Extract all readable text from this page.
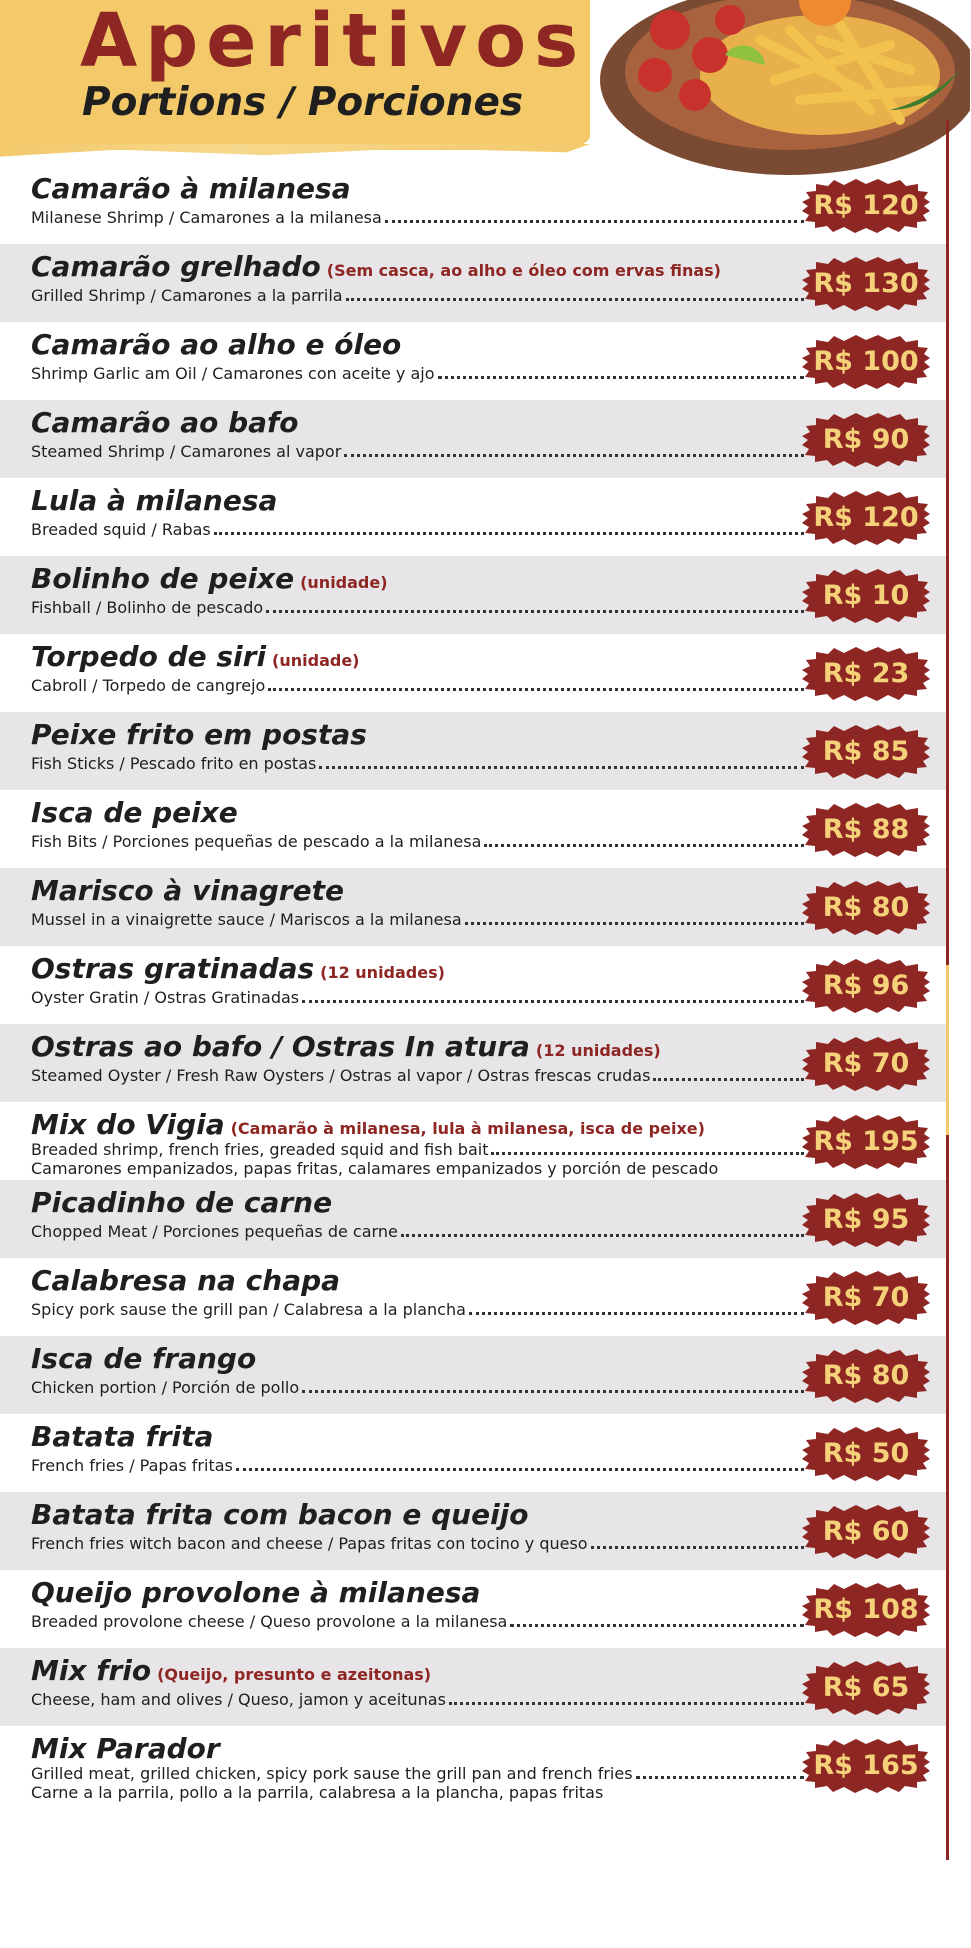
Aperitivos
Portions / Porciones
Camarão à milanesa
Milanese Shrimp / Camarones a la milanesa	R$ 120
Camarão grelhado (Sem casca, ao alho e óleo com ervas finas)
Grilled Shrimp / Camarones a la parrila	R$ 130
Camarão ao alho e óleo
Shrimp Garlic am Oil / Camarones con aceite y ajo	R$ 100
Camarão ao bafo
Steamed Shrimp / Camarones al vapor	R$ 90
Lula à milanesa
Breaded squid / Rabas	R$ 120
Bolinho de peixe (unidade)
Fishball / Bolinho de pescado	R$ 10
Torpedo de siri (unidade)
Cabroll / Torpedo de cangrejo	R$ 23
Peixe frito em postas
Fish Sticks / Pescado frito en postas	R$ 85
Isca de peixe
Fish Bits / Porciones pequeñas de pescado a la milanesa	R$ 88
Marisco à vinagrete
Mussel in a vinaigrette sauce / Mariscos a la milanesa	R$ 80
Ostras gratinadas (12 unidades)
Oyster Gratin / Ostras Gratinadas	R$ 96
Ostras ao bafo / Ostras In atura (12 unidades)
Steamed Oyster / Fresh Raw Oysters / Ostras al vapor / Ostras frescas crudas	R$ 70
Mix do Vigia (Camarão à milanesa, lula à milanesa, isca de peixe)
Breaded shrimp, french fries, greaded squid and fish bait
Camarones empanizados, papas fritas, calamares empanizados y porción de pescado
R$ 195
Picadinho de carne
Chopped Meat / Porciones pequeñas de carne	R$ 95
Calabresa na chapa
Spicy pork sause the grill pan / Calabresa a la plancha	R$ 70
Isca de frango
Chicken portion / Porción de pollo	R$ 80
Batata frita
French fries / Papas fritas	R$ 50
Batata frita com bacon e queijo
French fries witch bacon and cheese / Papas fritas con tocino y queso	R$ 60
Queijo provolone à milanesa
Breaded provolone cheese / Queso provolone a la milanesa	R$ 108
Mix frio (Queijo, presunto e azeitonas)
Cheese, ham and olives / Queso, jamon y aceitunas	R$ 65
Mix Parador
Grilled meat, grilled chicken, spicy pork sause the grill pan and french fries
Carne a la parrila, pollo a la parrila, calabresa a la plancha, papas fritas
R$ 165
